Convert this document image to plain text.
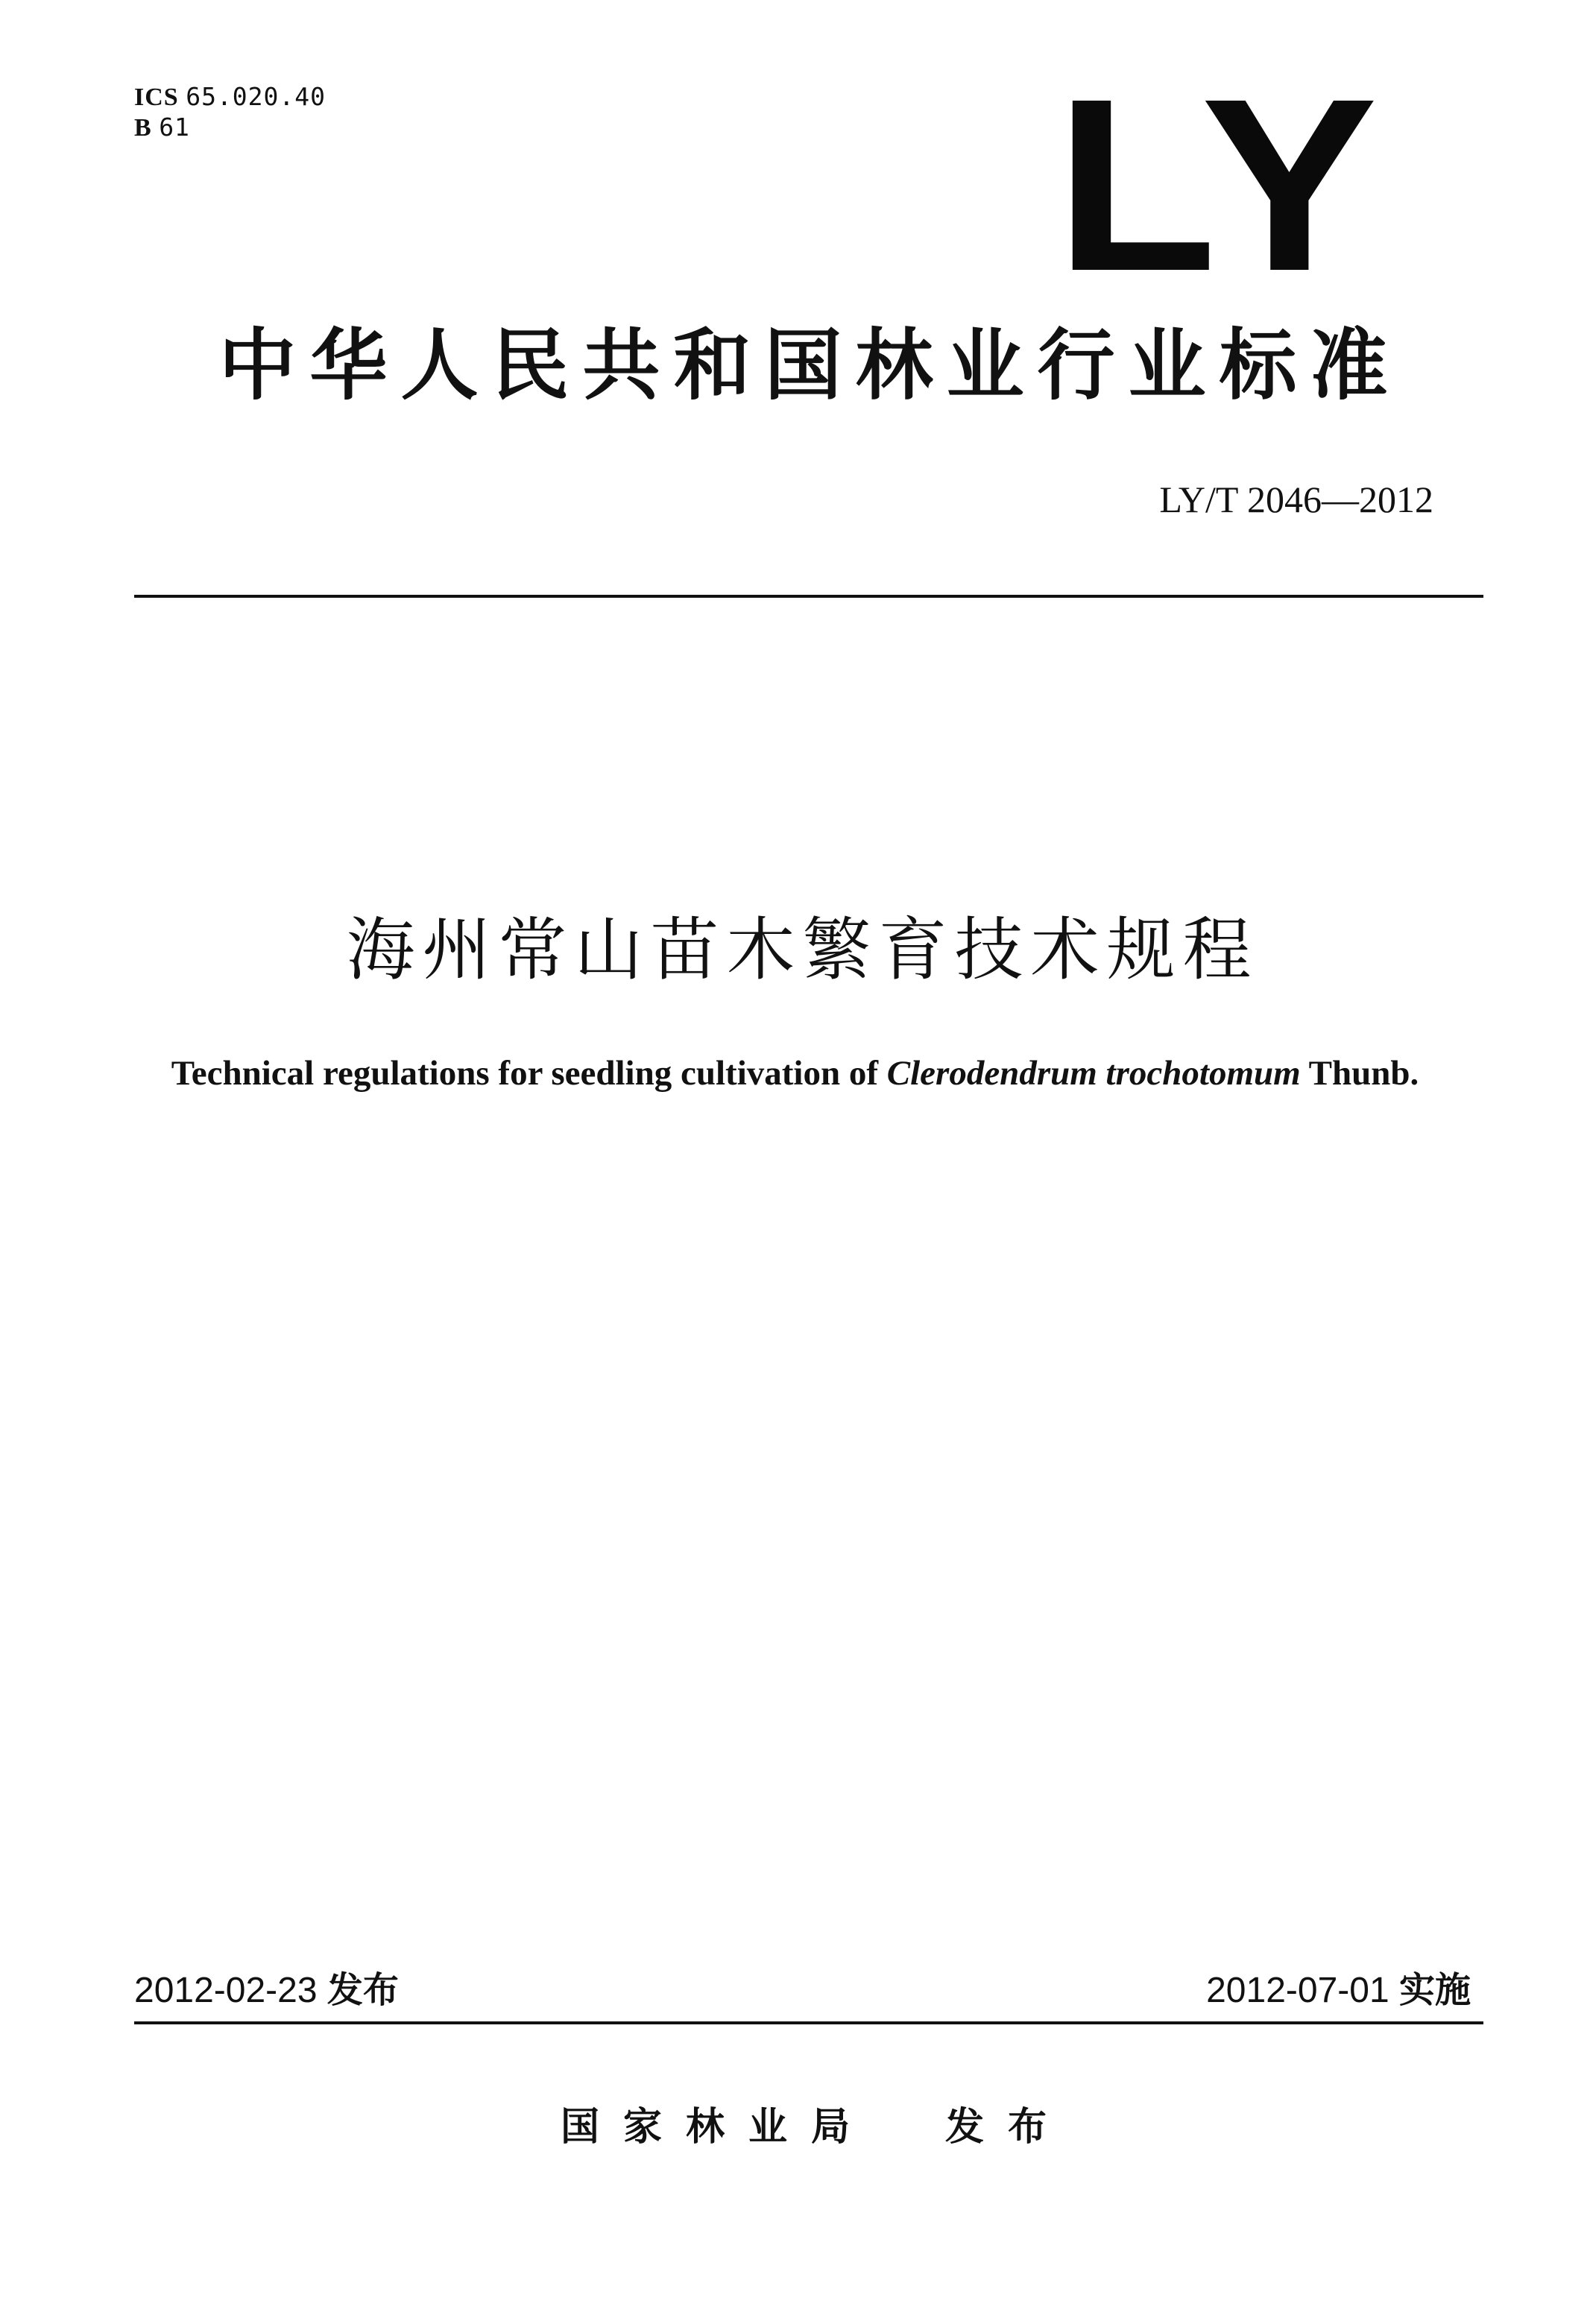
ICS 65.020.40
B 61	LY
中华人民共和国林业行业标准
LY/T 2046—2012
海州常山苗木繁育技术规程
Technical regulations for seedling cultivation of Clerodendrum trochotomum Thunb.
2012-02-23 发布	2012-07-01 实施
国家林业局 发布
